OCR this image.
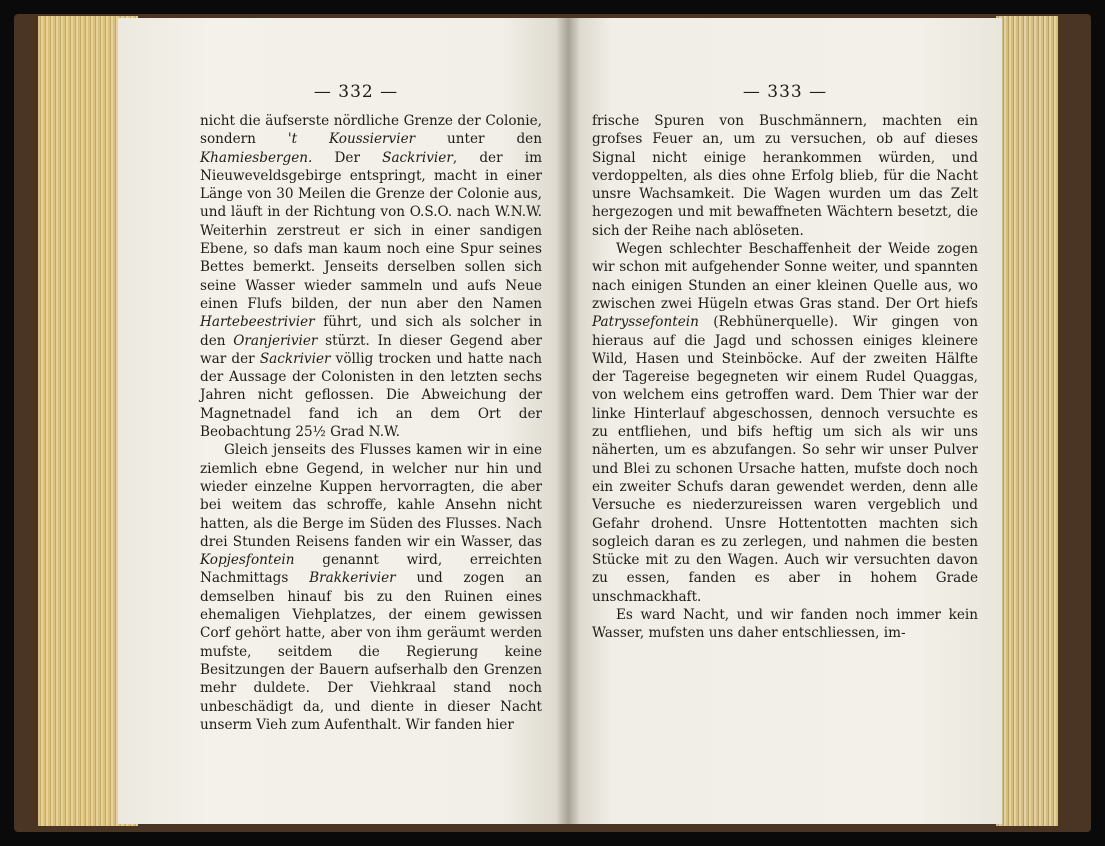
— 332 —

nicht die äufserste nördliche Grenze der Colonie, sondern 't Koussiervier unter den Khamiesbergen. Der Sackrivier, der im Nieuweveldsgebirge entspringt, macht in einer Länge von 30 Meilen die Grenze der Colonie aus, und läuft in der Richtung von O.S.O. nach W.N.W. Weiterhin zerstreut er sich in einer sandigen Ebene, so dafs man kaum noch eine Spur seines Bettes bemerkt. Jenseits derselben sollen sich seine Wasser wieder sammeln und aufs Neue einen Flufs bilden, der nun aber den Namen Hartebeestrivier führt, und sich als solcher in den Oranjerivier stürzt. In dieser Gegend aber war der Sackrivier völlig trocken und hatte nach der Aussage der Colonisten in den letzten sechs Jahren nicht geflossen. Die Abweichung der Magnetnadel fand ich an dem Ort der Beobachtung 25½ Grad N.W.

Gleich jenseits des Flusses kamen wir in eine ziemlich ebne Gegend, in welcher nur hin und wieder einzelne Kuppen hervorragten, die aber bei weitem das schroffe, kahle Ansehn nicht hatten, als die Berge im Süden des Flusses. Nach drei Stunden Reisens fanden wir ein Wasser, das Kopjesfontein genannt wird, erreichten Nachmittags Brakkerivier und zogen an demselben hinauf bis zu den Ruinen eines ehemaligen Viehplatzes, der einem gewissen Corf gehört hatte, aber von ihm geräumt werden mufste, seitdem die Regierung keine Besitzungen der Bauern aufserhalb den Grenzen mehr duldete. Der Viehkraal stand noch unbeschädigt da, und diente in dieser Nacht unserm Vieh zum Aufenthalt. Wir fanden hier

— 333 —

frische Spuren von Buschmännern, machten ein grofses Feuer an, um zu versuchen, ob auf dieses Signal nicht einige herankommen würden, und verdoppelten, als dies ohne Erfolg blieb, für die Nacht unsre Wachsamkeit. Die Wagen wurden um das Zelt hergezogen und mit bewaffneten Wächtern besetzt, die sich der Reihe nach ablöseten.

Wegen schlechter Beschaffenheit der Weide zogen wir schon mit aufgehender Sonne weiter, und spannten nach einigen Stunden an einer kleinen Quelle aus, wo zwischen zwei Hügeln etwas Gras stand. Der Ort hiefs Patryssefontein (Rebhünerquelle). Wir gingen von hieraus auf die Jagd und schossen einiges kleinere Wild, Hasen und Steinböcke. Auf der zweiten Hälfte der Tagereise begegneten wir einem Rudel Quaggas, von welchem eins getroffen ward. Dem Thier war der linke Hinterlauf abgeschossen, dennoch versuchte es zu entfliehen, und bifs heftig um sich als wir uns näherten, um es abzufangen. So sehr wir unser Pulver und Blei zu schonen Ursache hatten, mufste doch noch ein zweiter Schufs daran gewendet werden, denn alle Versuche es niederzureissen waren vergeblich und Gefahr drohend. Unsre Hottentotten machten sich sogleich daran es zu zerlegen, und nahmen die besten Stücke mit zu den Wagen. Auch wir versuchten davon zu essen, fanden es aber in hohem Grade unschmackhaft.

Es ward Nacht, und wir fanden noch immer kein Wasser, mufsten uns daher entschliessen, im-
